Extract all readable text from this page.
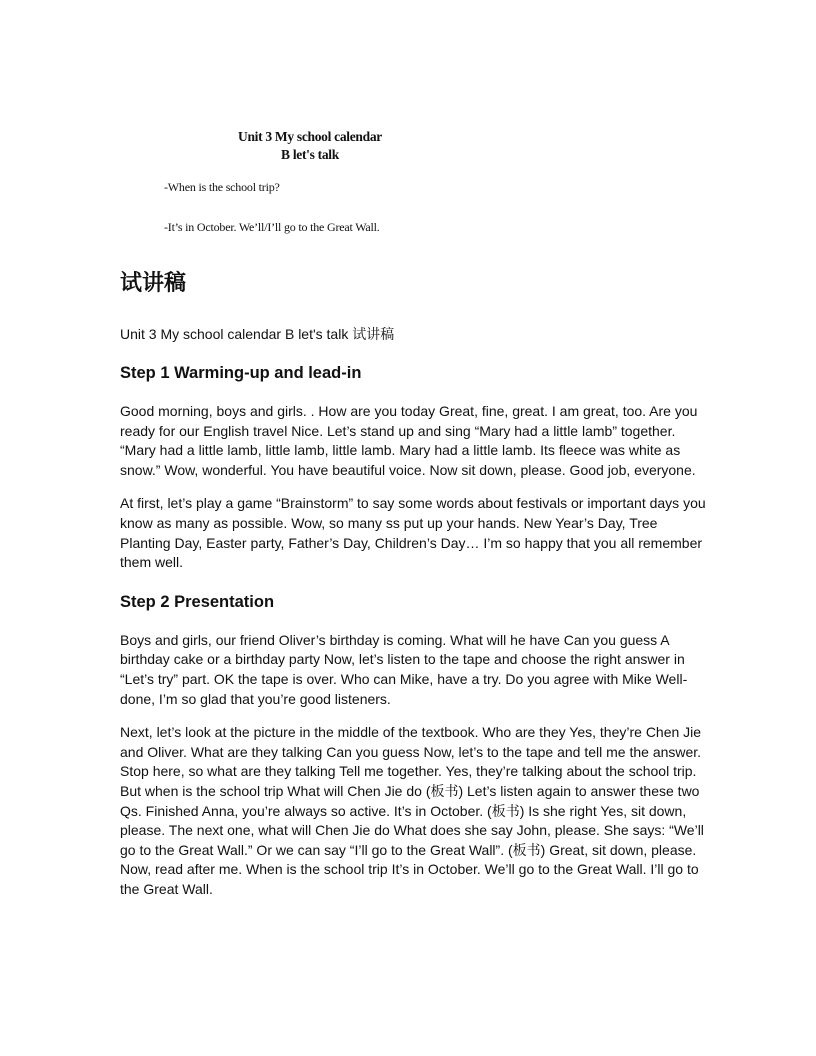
Unit 3 My school calendar

B let's talk

-When is the school trip?
-It’s in October. We’ll/I’ll go to the Great Wall.
试讲稿

Unit 3 My school calendar B let's talk 试讲稿

Step 1 Warming-up and lead-in

Good morning, boys and girls. . How are you today Great, fine, great. I am great, too. Are you ready for our English travel Nice. Let’s stand up and sing “Mary had a little lamb” together. “Mary had a little lamb, little lamb, little lamb. Mary had a little lamb. Its fleece was white as snow.” Wow, wonderful. You have beautiful voice. Now sit down, please. Good job, everyone.

At first, let’s play a game “Brainstorm” to say some words about festivals or important days you know as many as possible. Wow, so many ss put up your hands. New Year’s Day, Tree Planting Day, Easter party, Father’s Day, Children’s Day… I’m so happy that you all remember them well.

Step 2 Presentation

Boys and girls, our friend Oliver’s birthday is coming. What will he have Can you guess A birthday cake or a birthday party Now, let’s listen to the tape and choose the right answer in “Let’s try” part. OK the tape is over. Who can Mike, have a try. Do you agree with Mike Well-done, I’m so glad that you’re good listeners.

Next, let’s look at the picture in the middle of the textbook. Who are they Yes, they’re Chen Jie and Oliver. What are they talking Can you guess Now, let’s to the tape and tell me the answer. Stop here, so what are they talking Tell me together. Yes, they’re talking about the school trip. But when is the school trip What will Chen Jie do (板书) Let’s listen again to answer these two Qs. Finished Anna, you’re always so active. It’s in October. (板书) Is she right Yes, sit down, please. The next one, what will Chen Jie do What does she say John, please. She says: “We’ll go to the Great Wall.” Or we can say “I’ll go to the Great Wall”. (板书) Great, sit down, please. Now, read after me. When is the school trip It’s in October. We’ll go to the Great Wall. I’ll go to the Great Wall.
